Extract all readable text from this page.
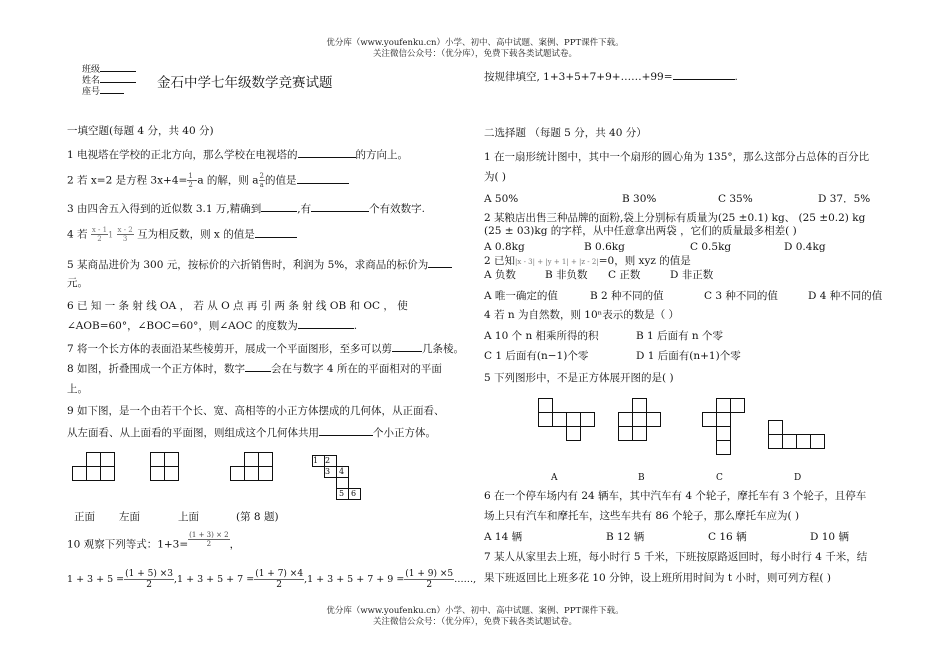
优分库（www.youfenku.cn）小学、初中、高中试题、案例、PPT课件下载。
关注微信公众号：（优分库），免费下载各类试题试卷。
班级
姓名
座号
金石中学七年级数学竞赛试题
一填空题(每题 4 分，共 40 分)
1 电视塔在学校的正北方向，那么学校在电视塔的	的方向上。
2 若 x=2 是方程 $3x+4= \frac{1}{2} -a$ 的解，则 a $\frac{2}{a}$ 的值是
3 由四舍五入得到的近似数 3.1 万,精确到	,有	个有效数字.
4 若 $\frac{x - 1}{2} 1 \frac{x - 2}{3}$ 互为相反数，则 x 的值是
5 某商品进价为 300 元，按标价的六折销售时，利润为 5%，求商品的标价为
元。
6 已 知 一 条 射 线 OA ， 若 从 O 点 再 引 两 条 射 线 OB 和 OC ， 使
∠AOB=60°，∠BOC=60°，则∠AOC 的度数为	.
7 将一个长方体的表面沿某些棱剪开，展成一个平面图形，至多可以剪	几条棱。
8 如图，折叠围成一个正方体时，数字 会在与数字 4 所在的平面相对的平面
上。
9 如下图，是一个由若干个长、宽、高相等的小正方体摆成的几何体，从正面看、
从左面看、从上面看的平面图，则组成这个几何体共用	个小正方体。
1 2
3 4
5 6
正面 左面	上面	(第 8 题)
10 观察下列等式：$1+3= \frac{(1 + 3) \times 2}{2}$ ，
$1 + 3 + 5 = \frac{(1 + 5) \times 3}{2} ,1 + 3 + 5 + 7 = \frac{(1 + 7) \times 4}{2} ,1 + 3 + 5 + 7 + 9 = \frac{(1 + 9) \times 5}{2}$ ……,
按规律填空, 1+3+5+7+9+……+99=	.
二选择题 （每题 5 分，共 40 分）
1 在一扇形统计图中，其中一个扇形的圆心角为 135°，那么这部分占总体的百分比
为( )
A 50%	B 30%	C 35%	D 37．5%
2 某粮店出售三种品牌的面粉,袋上分别标有质量为(25 ±0.1) kg、 (25 ±0.2) kg
(25 ± 03)kg 的字样，从中任意拿出两袋 ，它们的质量最多相差( )
A 0.8kg	B 0.6kg	C 0.5kg	D 0.4kg
2 已知|x - 3| + |y + 1| + |z - 2|=0，则 xyz 的值是
A 负数	B 非负数 C 正数	D 非正数
A 唯一确定的值	B 2 种不同的值	C 3 种不同的值	D 4 种不同的值
4 若 n 为自然数，则 10ⁿ表示的数是（ ）
A 10 个 n 相乘所得的积	B 1 后面有 n 个零
C 1 后面有(n−1)个零	D 1 后面有(n+1)个零
5 下列图形中，不是正方体展开图的是( )
A	B	C	D
6 在一个停车场内有 24 辆车，其中汽车有 4 个轮子，摩托车有 3 个轮子，且停车
场上只有汽车和摩托车，这些车共有 86 个轮子，那么摩托车应为( )
A 14 辆	B 12 辆	C 16 辆	D 10 辆
7 某人从家里去上班，每小时行 5 千米，下班按原路返回时，每小时行 4 千米，结
果下班返回比上班多花 10 分钟，设上班所用时间为 t 小时，则可列方程( )
优分库（www.youfenku.cn）小学、初中、高中试题、案例、PPT课件下载。
关注微信公众号：（优分库），免费下载各类试题试卷。
